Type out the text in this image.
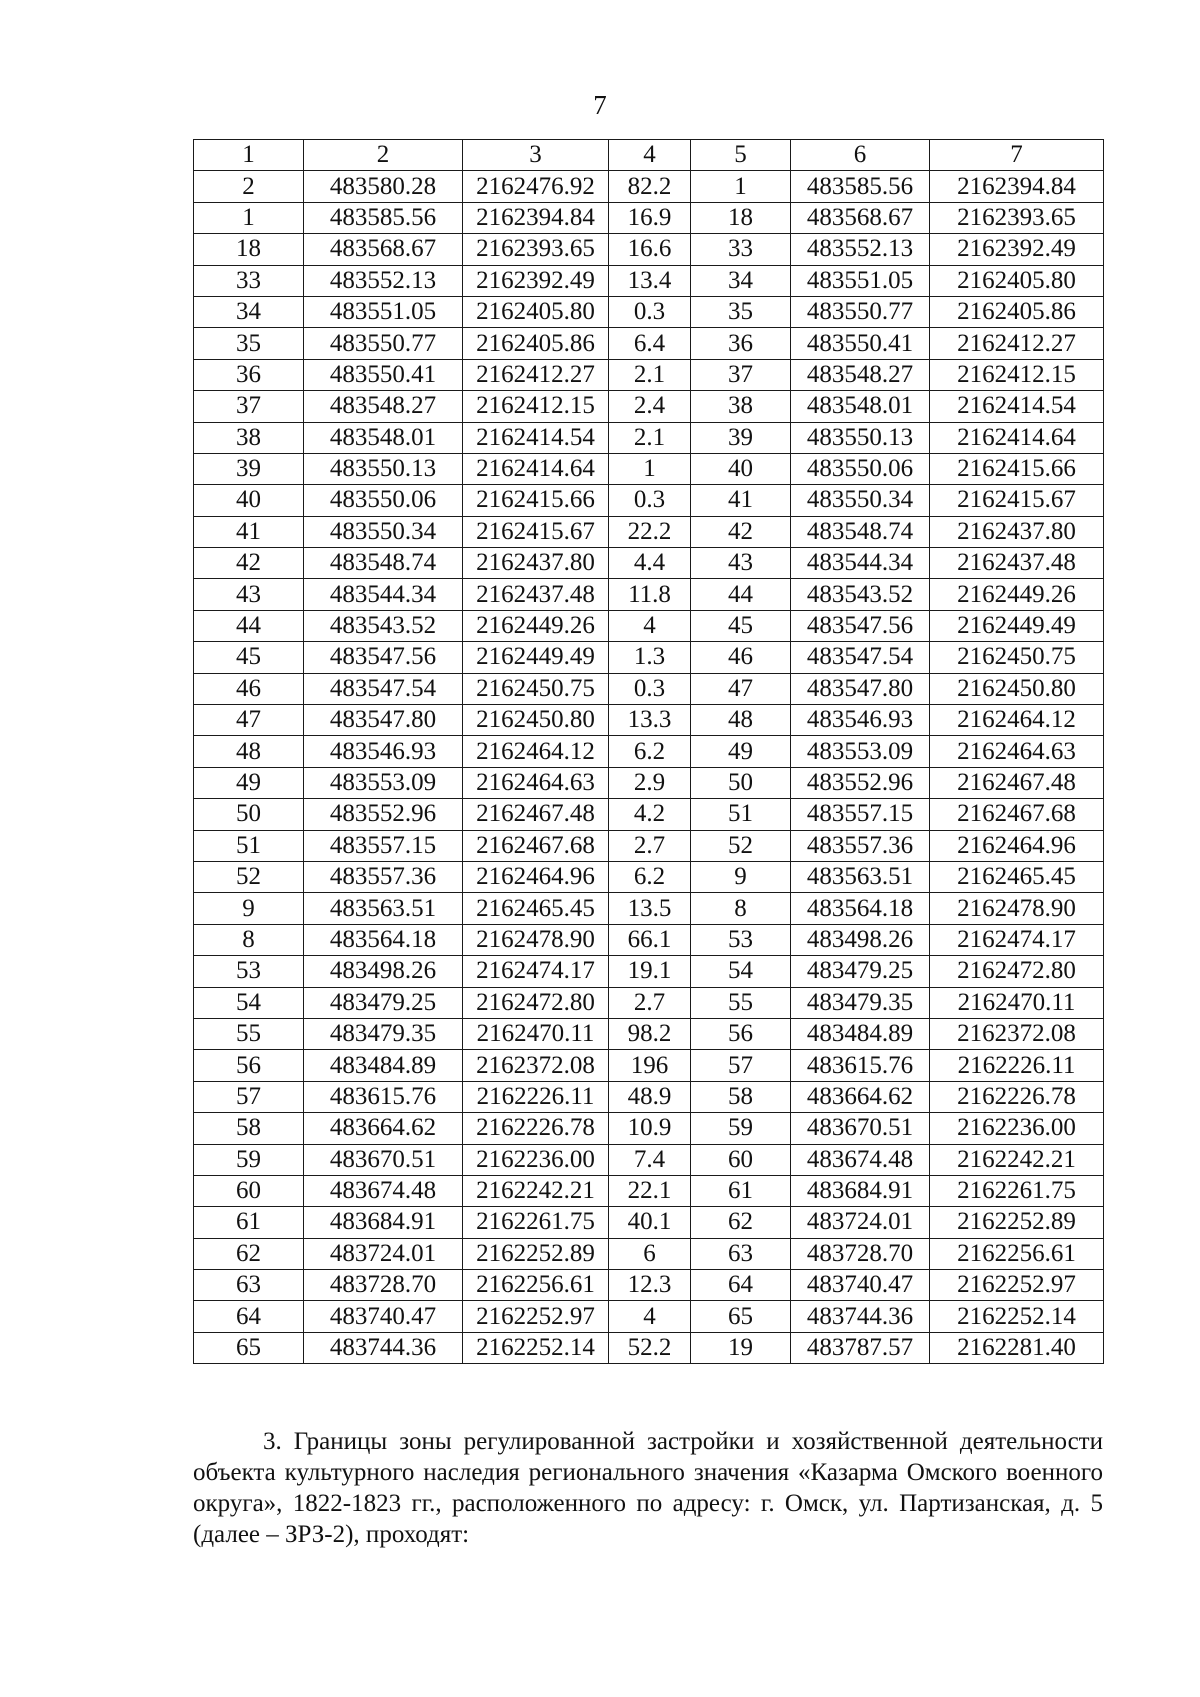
7
1	2	3	4	5	6	7
2	483580.28	2162476.92	82.2	1	483585.56	2162394.84
1	483585.56	2162394.84	16.9	18	483568.67	2162393.65
18	483568.67	2162393.65	16.6	33	483552.13	2162392.49
33	483552.13	2162392.49	13.4	34	483551.05	2162405.80
34	483551.05	2162405.80	0.3	35	483550.77	2162405.86
35	483550.77	2162405.86	6.4	36	483550.41	2162412.27
36	483550.41	2162412.27	2.1	37	483548.27	2162412.15
37	483548.27	2162412.15	2.4	38	483548.01	2162414.54
38	483548.01	2162414.54	2.1	39	483550.13	2162414.64
39	483550.13	2162414.64	1	40	483550.06	2162415.66
40	483550.06	2162415.66	0.3	41	483550.34	2162415.67
41	483550.34	2162415.67	22.2	42	483548.74	2162437.80
42	483548.74	2162437.80	4.4	43	483544.34	2162437.48
43	483544.34	2162437.48	11.8	44	483543.52	2162449.26
44	483543.52	2162449.26	4	45	483547.56	2162449.49
45	483547.56	2162449.49	1.3	46	483547.54	2162450.75
46	483547.54	2162450.75	0.3	47	483547.80	2162450.80
47	483547.80	2162450.80	13.3	48	483546.93	2162464.12
48	483546.93	2162464.12	6.2	49	483553.09	2162464.63
49	483553.09	2162464.63	2.9	50	483552.96	2162467.48
50	483552.96	2162467.48	4.2	51	483557.15	2162467.68
51	483557.15	2162467.68	2.7	52	483557.36	2162464.96
52	483557.36	2162464.96	6.2	9	483563.51	2162465.45
9	483563.51	2162465.45	13.5	8	483564.18	2162478.90
8	483564.18	2162478.90	66.1	53	483498.26	2162474.17
53	483498.26	2162474.17	19.1	54	483479.25	2162472.80
54	483479.25	2162472.80	2.7	55	483479.35	2162470.11
55	483479.35	2162470.11	98.2	56	483484.89	2162372.08
56	483484.89	2162372.08	196	57	483615.76	2162226.11
57	483615.76	2162226.11	48.9	58	483664.62	2162226.78
58	483664.62	2162226.78	10.9	59	483670.51	2162236.00
59	483670.51	2162236.00	7.4	60	483674.48	2162242.21
60	483674.48	2162242.21	22.1	61	483684.91	2162261.75
61	483684.91	2162261.75	40.1	62	483724.01	2162252.89
62	483724.01	2162252.89	6	63	483728.70	2162256.61
63	483728.70	2162256.61	12.3	64	483740.47	2162252.97
64	483740.47	2162252.97	4	65	483744.36	2162252.14
65	483744.36	2162252.14	52.2	19	483787.57	2162281.40

3. Границы зоны регулированной застройки и хозяйственной деятельности объекта культурного наследия регионального значения «Казарма Омского военного округа», 1822-1823 гг., расположенного по адресу: г. Омск, ул. Партизанская, д. 5 (далее – ЗРЗ-2), проходят:
